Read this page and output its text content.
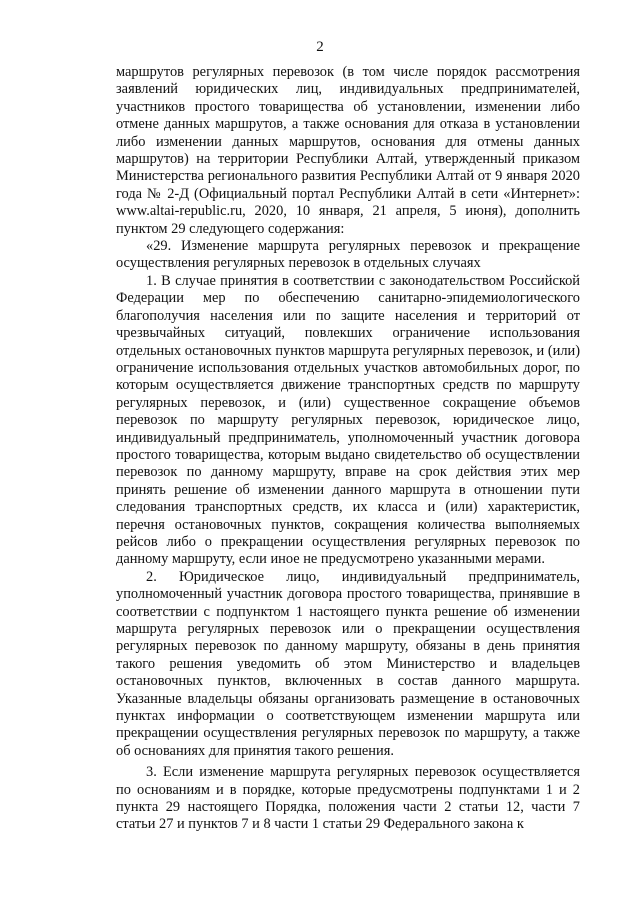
2

маршрутов регулярных перевозок (в том числе порядок рассмотрения заявлений юридических лиц, индивидуальных предпринимателей, участников простого товарищества об установлении, изменении либо отмене данных маршрутов, а также основания для отказа в установлении либо изменении данных маршрутов, основания для отмены данных маршрутов) на территории Республики Алтай, утвержденный приказом Министерства регионального развития Республики Алтай от 9 января 2020 года № 2-Д (Официальный портал Республики Алтай в сети «Интернет»: www.altai-republic.ru, 2020, 10 января, 21 апреля, 5 июня), дополнить пунктом 29 следующего содержания:

«29. Изменение маршрута регулярных перевозок и прекращение осуществления регулярных перевозок в отдельных случаях

1. В случае принятия в соответствии с законодательством Российской Федерации мер по обеспечению санитарно-эпидемиологического благополучия населения или по защите населения и территорий от чрезвычайных ситуаций, повлекших ограничение использования отдельных остановочных пунктов маршрута регулярных перевозок, и (или) ограничение использования отдельных участков автомобильных дорог, по которым осуществляется движение транспортных средств по маршруту регулярных перевозок, и (или) существенное сокращение объемов перевозок по маршруту регулярных перевозок, юридическое лицо, индивидуальный предприниматель, уполномоченный участник договора простого товарищества, которым выдано свидетельство об осуществлении перевозок по данному маршруту, вправе на срок действия этих мер принять решение об изменении данного маршрута в отношении пути следования транспортных средств, их класса и (или) характеристик, перечня остановочных пунктов, сокращения количества выполняемых рейсов либо о прекращении осуществления регулярных перевозок по данному маршруту, если иное не предусмотрено указанными мерами.

2. Юридическое лицо, индивидуальный предприниматель, уполномоченный участник договора простого товарищества, принявшие в соответствии с подпунктом 1 настоящего пункта решение об изменении маршрута регулярных перевозок или о прекращении осуществления регулярных перевозок по данному маршруту, обязаны в день принятия такого решения уведомить об этом Министерство и владельцев остановочных пунктов, включенных в состав данного маршрута. Указанные владельцы обязаны организовать размещение в остановочных пунктах информации о соответствующем изменении маршрута или прекращении осуществления регулярных перевозок по маршруту, а также об основаниях для принятия такого решения.

3. Если изменение маршрута регулярных перевозок осуществляется по основаниям и в порядке, которые предусмотрены подпунктами 1 и 2 пункта 29 настоящего Порядка, положения части 2 статьи 12, части 7 статьи 27 и пунктов 7 и 8 части 1 статьи 29 Федерального закона к
